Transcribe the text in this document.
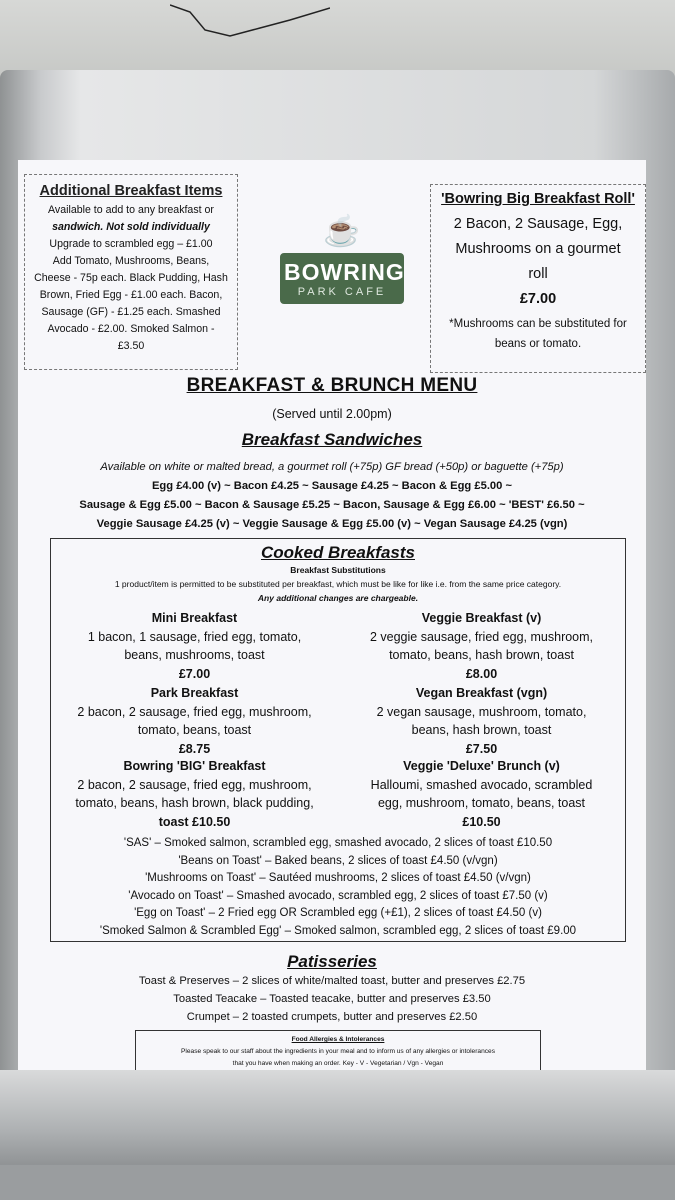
Additional Breakfast Items
Available to add to any breakfast or
sandwich. Not sold individually
Upgrade to scrambled egg – £1.00
Add Tomato, Mushrooms, Beans,
Cheese - 75p each. Black Pudding, Hash
Brown, Fried Egg - £1.00 each. Bacon,
Sausage (GF) - £1.25 each. Smashed
Avocado - £2.00. Smoked Salmon -
£3.50
☕
BOWRING
PARK CAFE
'Bowring Big Breakfast Roll'
2 Bacon, 2 Sausage, Egg,
Mushrooms on a gourmet
roll
£7.00
*Mushrooms can be substituted for
beans or tomato.
BREAKFAST & BRUNCH MENU
(Served until 2.00pm)
Breakfast Sandwiches
Available on white or malted bread, a gourmet roll (+75p) GF bread (+50p) or baguette (+75p)
Egg £4.00 (v) ~ Bacon £4.25 ~ Sausage £4.25 ~ Bacon & Egg £5.00 ~
Sausage & Egg £5.00 ~ Bacon & Sausage £5.25 ~ Bacon, Sausage & Egg £6.00 ~ 'BEST' £6.50 ~
Veggie Sausage £4.25 (v) ~ Veggie Sausage & Egg £5.00 (v) ~ Vegan Sausage £4.25 (vgn)
Cooked Breakfasts
Breakfast Substitutions
1 product/item is permitted to be substituted per breakfast, which must be like for like i.e. from the same price category.
Any additional changes are chargeable.
Mini Breakfast
1 bacon, 1 sausage, fried egg, tomato,
beans, mushrooms, toast
£7.00
Park Breakfast
2 bacon, 2 sausage, fried egg, mushroom,
tomato, beans, toast
£8.75
Bowring 'BIG' Breakfast
2 bacon, 2 sausage, fried egg, mushroom,
tomato, beans, hash brown, black pudding,
toast £10.50
Veggie Breakfast (v)
2 veggie sausage, fried egg, mushroom,
tomato, beans, hash brown, toast
£8.00
Vegan Breakfast (vgn)
2 vegan sausage, mushroom, tomato,
beans, hash brown, toast
£7.50
Veggie 'Deluxe' Brunch (v)
Halloumi, smashed avocado, scrambled
egg, mushroom, tomato, beans, toast
£10.50
'SAS' – Smoked salmon, scrambled egg, smashed avocado, 2 slices of toast £10.50
'Beans on Toast' – Baked beans, 2 slices of toast £4.50 (v/vgn)
'Mushrooms on Toast' – Sautéed mushrooms, 2 slices of toast £4.50 (v/vgn)
'Avocado on Toast' – Smashed avocado, scrambled egg, 2 slices of toast £7.50 (v)
'Egg on Toast' – 2 Fried egg OR Scrambled egg (+£1), 2 slices of toast £4.50 (v)
'Smoked Salmon & Scrambled Egg' – Smoked salmon, scrambled egg, 2 slices of toast £9.00
Patisseries
Toast & Preserves – 2 slices of white/malted toast, butter and preserves £2.75
Toasted Teacake – Toasted teacake, butter and preserves £3.50
Crumpet – 2 toasted crumpets, butter and preserves £2.50
Food Allergies & Intolerances
Please speak to our staff about the ingredients in your meal and to inform us of any allergies or intolerances
that you have when making an order. Key - V - Vegetarian / Vgn - Vegan
